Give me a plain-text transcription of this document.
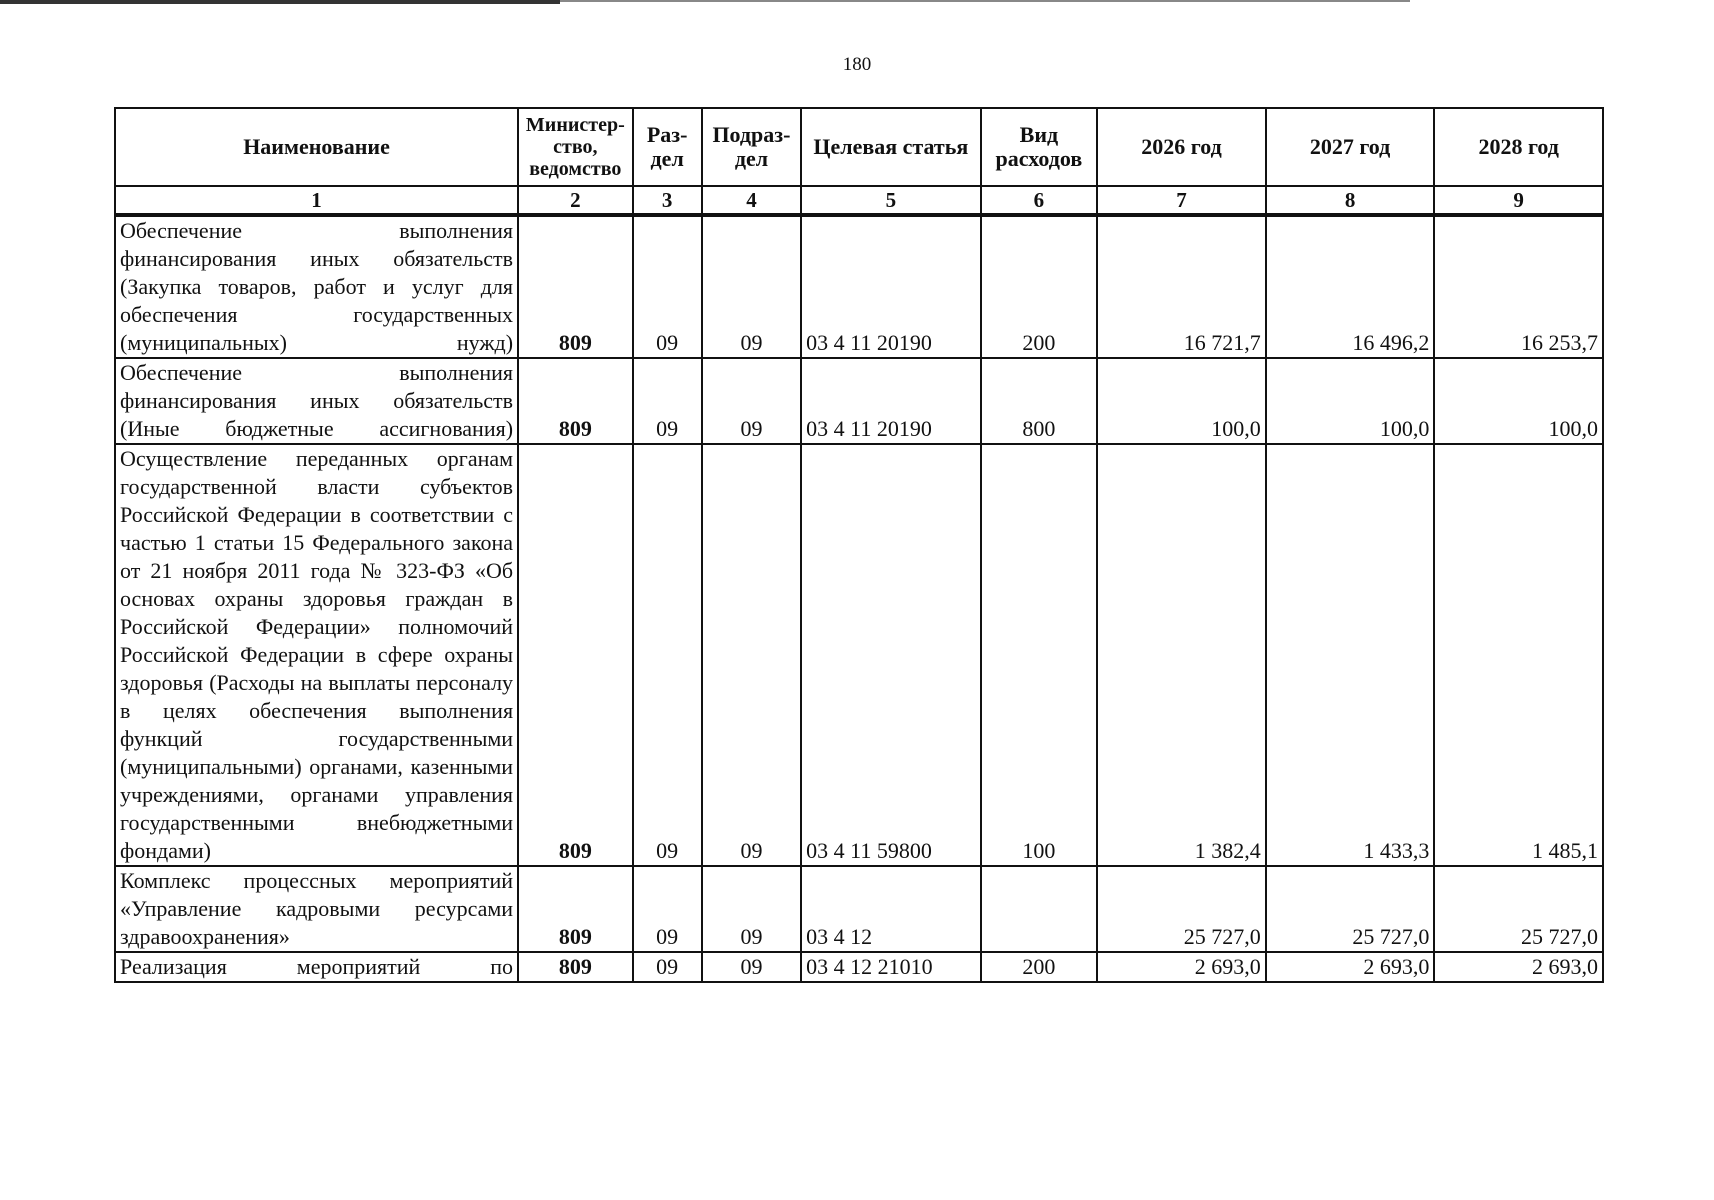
180
Наименование	Министер-ство, ведомство	Раз-дел	Подраз-дел	Целевая статья	Вид расходов	2026 год	2027 год	2028 год
1	2	3	4	5	6	7	8	9
Обеспечение выполнения финансирования иных обязательств (Закупка товаров, работ и услуг для обеспечения государственных (муниципальных) нужд)	809	09	09	03 4 11 20190	200	16 721,7	16 496,2	16 253,7
Обеспечение выполнения финансирования иных обязательств (Иные бюджетные ассигнования)	809	09	09	03 4 11 20190	800	100,0	100,0	100,0
Осуществление переданных органам государственной власти субъектов Российской Федерации в соответствии с частью 1 статьи 15 Федерального закона от 21 ноября 2011 года № 323-ФЗ «Об основах охраны здоровья граждан в Российской Федерации» полномочий Российской Федерации в сфере охраны здоровья (Расходы на выплаты персоналу в целях обеспечения выполнения функций государственными (муниципальными) органами, казенными учреждениями, органами управления государственными внебюджетными фондами)	809	09	09	03 4 11 59800	100	1 382,4	1 433,3	1 485,1
Комплекс процессных мероприятий «Управление кадровыми ресурсами здравоохранения»	809	09	09	03 4 12		25 727,0	25 727,0	25 727,0
Реализация мероприятий по	809	09	09	03 4 12 21010	200	2 693,0	2 693,0	2 693,0
